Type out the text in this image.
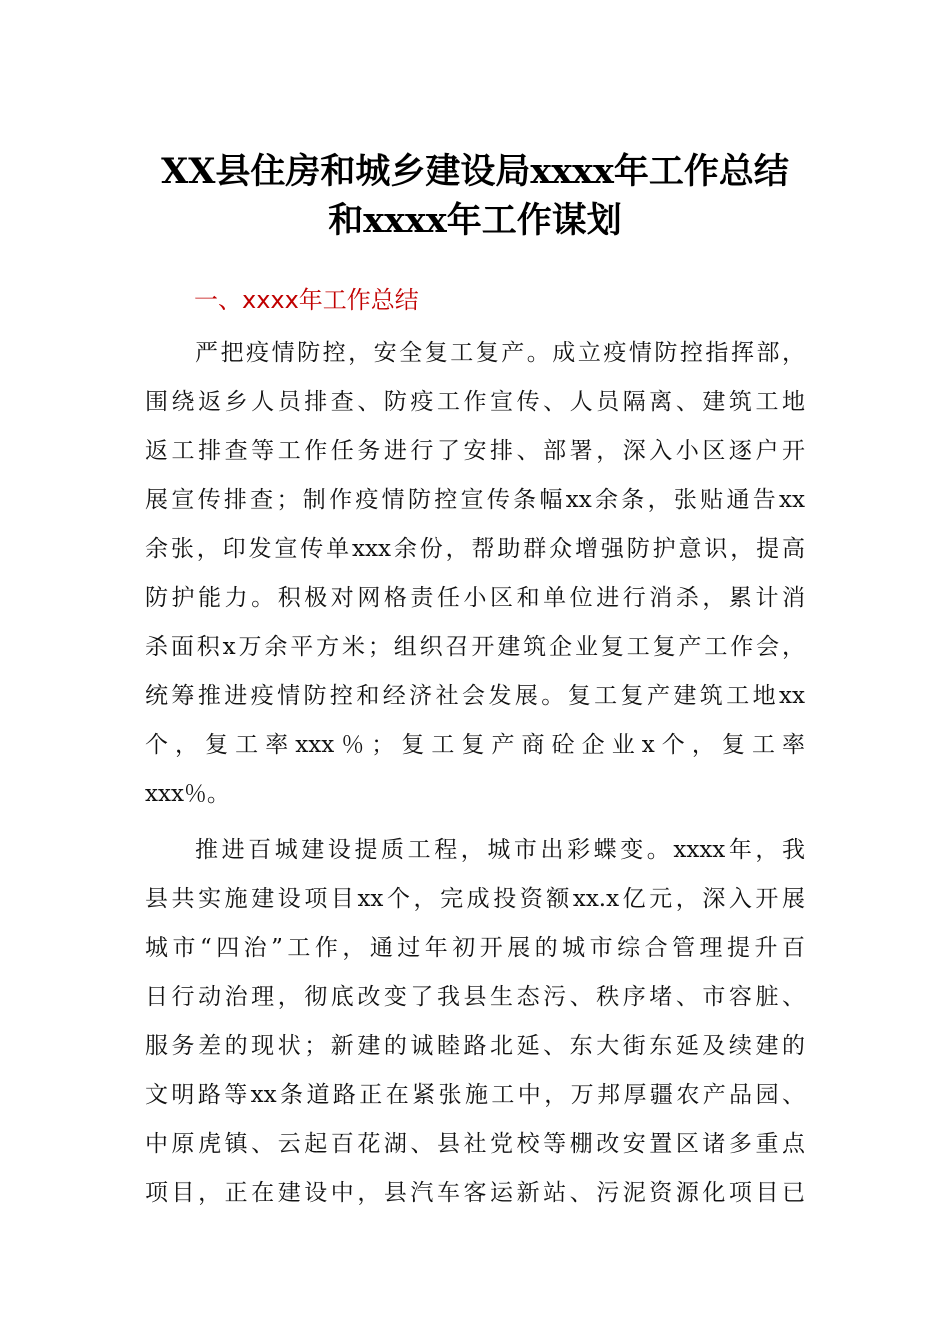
XX县住房和城乡建设局xxxx年工作总结
和xxxx年工作谋划
一、xxxx年工作总结
严把疫情防控，安全复工复产。成立疫情防控指挥部，
围绕返乡人员排查、防疫工作宣传、人员隔离、建筑工地
返工排查等工作任务进行了安排、部署，深入小区逐户开
展宣传排查；制作疫情防控宣传条幅xx余条，张贴通告xx
余张，印发宣传单xxx余份，帮助群众增强防护意识，提高
防护能力。积极对网格责任小区和单位进行消杀，累计消
杀面积x万余平方米；组织召开建筑企业复工复产工作会，
统筹推进疫情防控和经济社会发展。复工复产建筑工地xx
个，复工率xxx％；复工复产商砼企业x个，复工率
xxx％。
推进百城建设提质工程，城市出彩蝶变。xxxx年，我
县共实施建设项目xx个，完成投资额xx.x亿元，深入开展
城市“四治”工作，通过年初开展的城市综合管理提升百
日行动治理，彻底改变了我县生态污、秩序堵、市容脏、
服务差的现状；新建的诚睦路北延、东大街东延及续建的
文明路等xx条道路正在紧张施工中，万邦厚疆农产品园、
中原虎镇、云起百花湖、县社党校等棚改安置区诸多重点
项目，正在建设中，县汽车客运新站、污泥资源化项目已
